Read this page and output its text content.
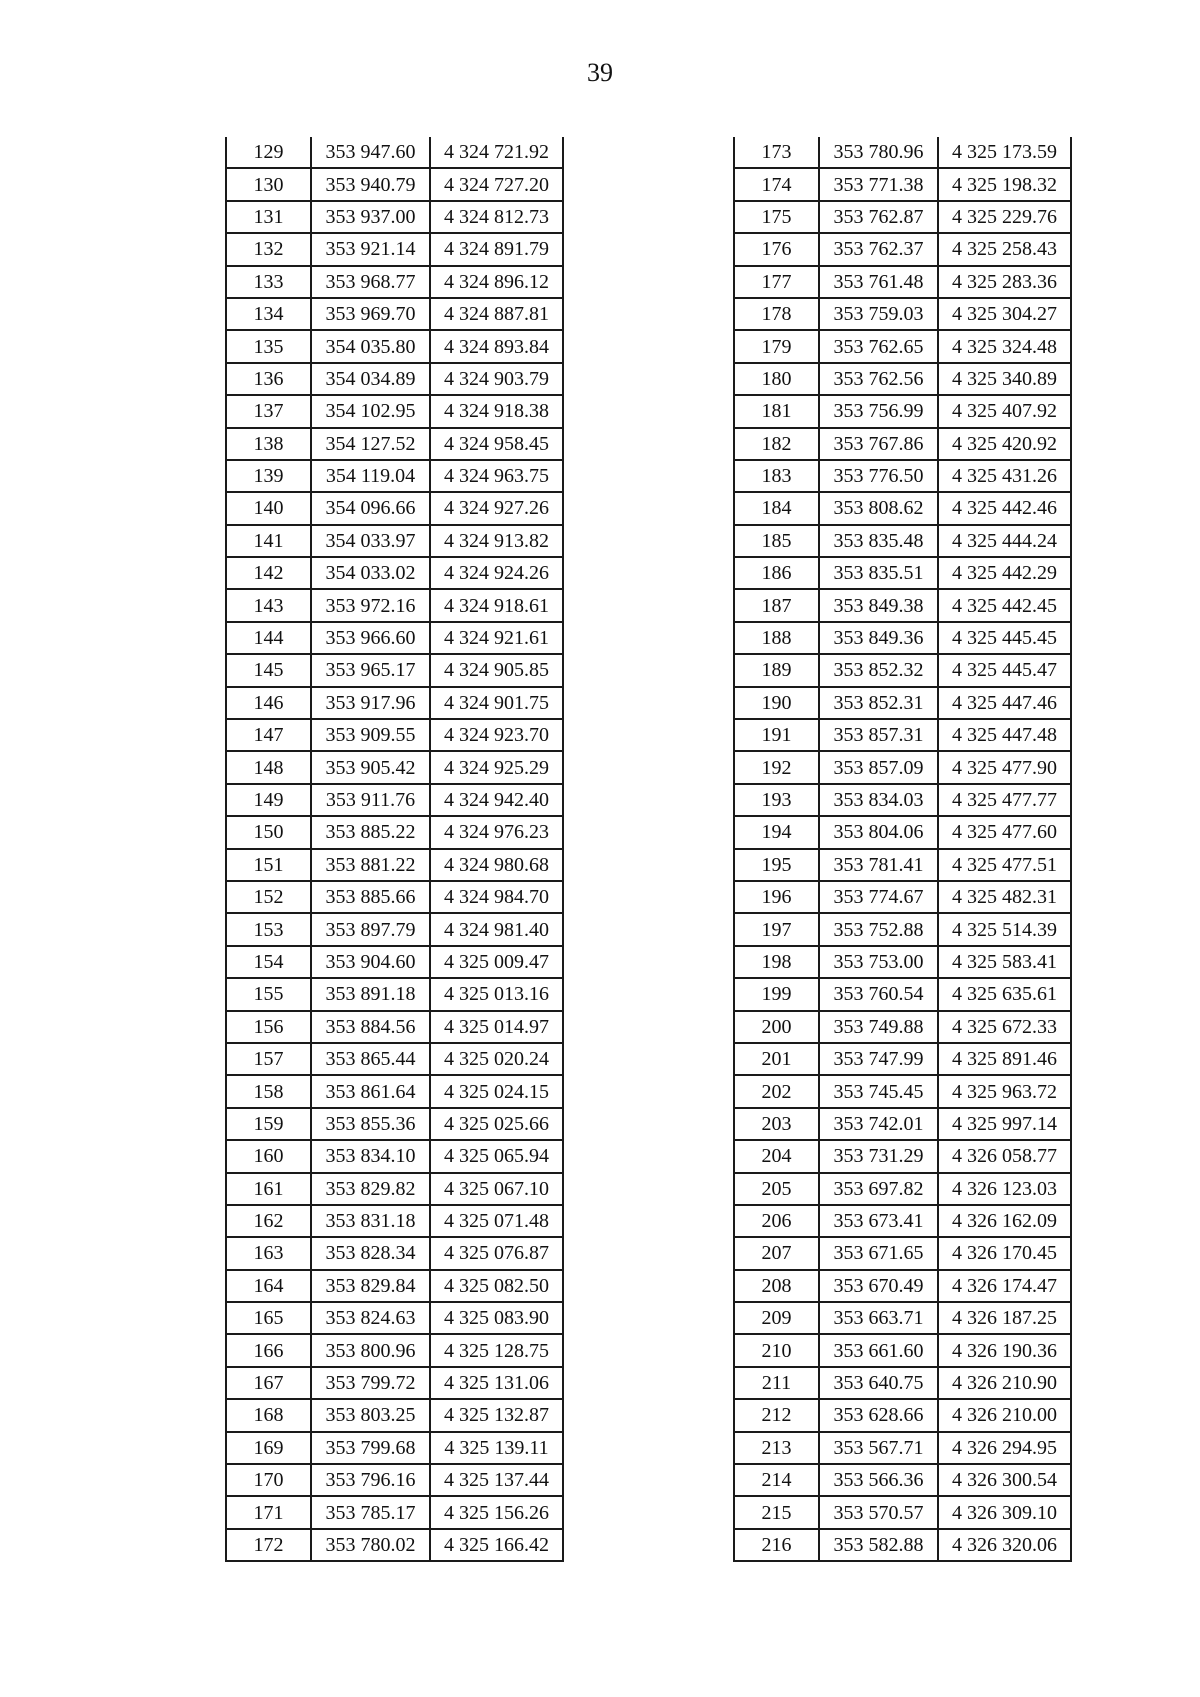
39
129	353 947.60	4 324 721.92
130	353 940.79	4 324 727.20
131	353 937.00	4 324 812.73
132	353 921.14	4 324 891.79
133	353 968.77	4 324 896.12
134	353 969.70	4 324 887.81
135	354 035.80	4 324 893.84
136	354 034.89	4 324 903.79
137	354 102.95	4 324 918.38
138	354 127.52	4 324 958.45
139	354 119.04	4 324 963.75
140	354 096.66	4 324 927.26
141	354 033.97	4 324 913.82
142	354 033.02	4 324 924.26
143	353 972.16	4 324 918.61
144	353 966.60	4 324 921.61
145	353 965.17	4 324 905.85
146	353 917.96	4 324 901.75
147	353 909.55	4 324 923.70
148	353 905.42	4 324 925.29
149	353 911.76	4 324 942.40
150	353 885.22	4 324 976.23
151	353 881.22	4 324 980.68
152	353 885.66	4 324 984.70
153	353 897.79	4 324 981.40
154	353 904.60	4 325 009.47
155	353 891.18	4 325 013.16
156	353 884.56	4 325 014.97
157	353 865.44	4 325 020.24
158	353 861.64	4 325 024.15
159	353 855.36	4 325 025.66
160	353 834.10	4 325 065.94
161	353 829.82	4 325 067.10
162	353 831.18	4 325 071.48
163	353 828.34	4 325 076.87
164	353 829.84	4 325 082.50
165	353 824.63	4 325 083.90
166	353 800.96	4 325 128.75
167	353 799.72	4 325 131.06
168	353 803.25	4 325 132.87
169	353 799.68	4 325 139.11
170	353 796.16	4 325 137.44
171	353 785.17	4 325 156.26
172	353 780.02	4 325 166.42
173	353 780.96	4 325 173.59
174	353 771.38	4 325 198.32
175	353 762.87	4 325 229.76
176	353 762.37	4 325 258.43
177	353 761.48	4 325 283.36
178	353 759.03	4 325 304.27
179	353 762.65	4 325 324.48
180	353 762.56	4 325 340.89
181	353 756.99	4 325 407.92
182	353 767.86	4 325 420.92
183	353 776.50	4 325 431.26
184	353 808.62	4 325 442.46
185	353 835.48	4 325 444.24
186	353 835.51	4 325 442.29
187	353 849.38	4 325 442.45
188	353 849.36	4 325 445.45
189	353 852.32	4 325 445.47
190	353 852.31	4 325 447.46
191	353 857.31	4 325 447.48
192	353 857.09	4 325 477.90
193	353 834.03	4 325 477.77
194	353 804.06	4 325 477.60
195	353 781.41	4 325 477.51
196	353 774.67	4 325 482.31
197	353 752.88	4 325 514.39
198	353 753.00	4 325 583.41
199	353 760.54	4 325 635.61
200	353 749.88	4 325 672.33
201	353 747.99	4 325 891.46
202	353 745.45	4 325 963.72
203	353 742.01	4 325 997.14
204	353 731.29	4 326 058.77
205	353 697.82	4 326 123.03
206	353 673.41	4 326 162.09
207	353 671.65	4 326 170.45
208	353 670.49	4 326 174.47
209	353 663.71	4 326 187.25
210	353 661.60	4 326 190.36
211	353 640.75	4 326 210.90
212	353 628.66	4 326 210.00
213	353 567.71	4 326 294.95
214	353 566.36	4 326 300.54
215	353 570.57	4 326 309.10
216	353 582.88	4 326 320.06
